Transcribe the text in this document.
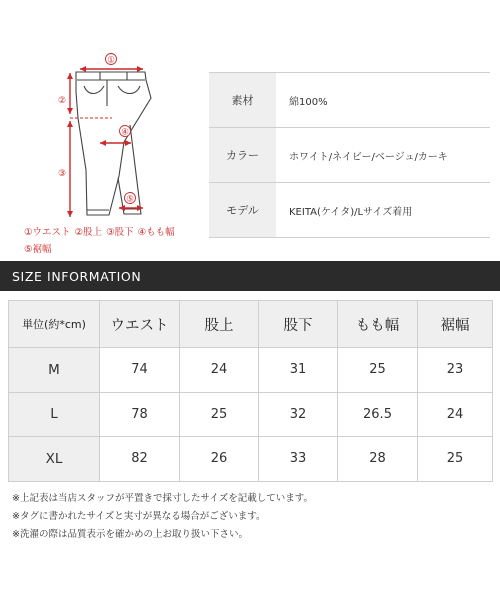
①
②
③
④
⑤
①ウエスト ②股上 ③股下 ④もも幅
⑤裾幅
素材	綿100%
カラー	ホワイト/ネイビー/ベージュ/カーキ
モデル	KEITA(ケイタ)/Lサイズ着用
SIZE INFORMATION
単位(約*cm)	ウエスト	股上	股下	もも幅	裾幅
M	74	24	31	25	23
L	78	25	32	26.5	24
XL	82	26	33	28	25
※上記表は当店スタッフが平置きで採寸したサイズを記載しています。
※タグに書かれたサイズと実寸が異なる場合がございます。
※洗濯の際は品質表示を確かめの上お取り扱い下さい。
